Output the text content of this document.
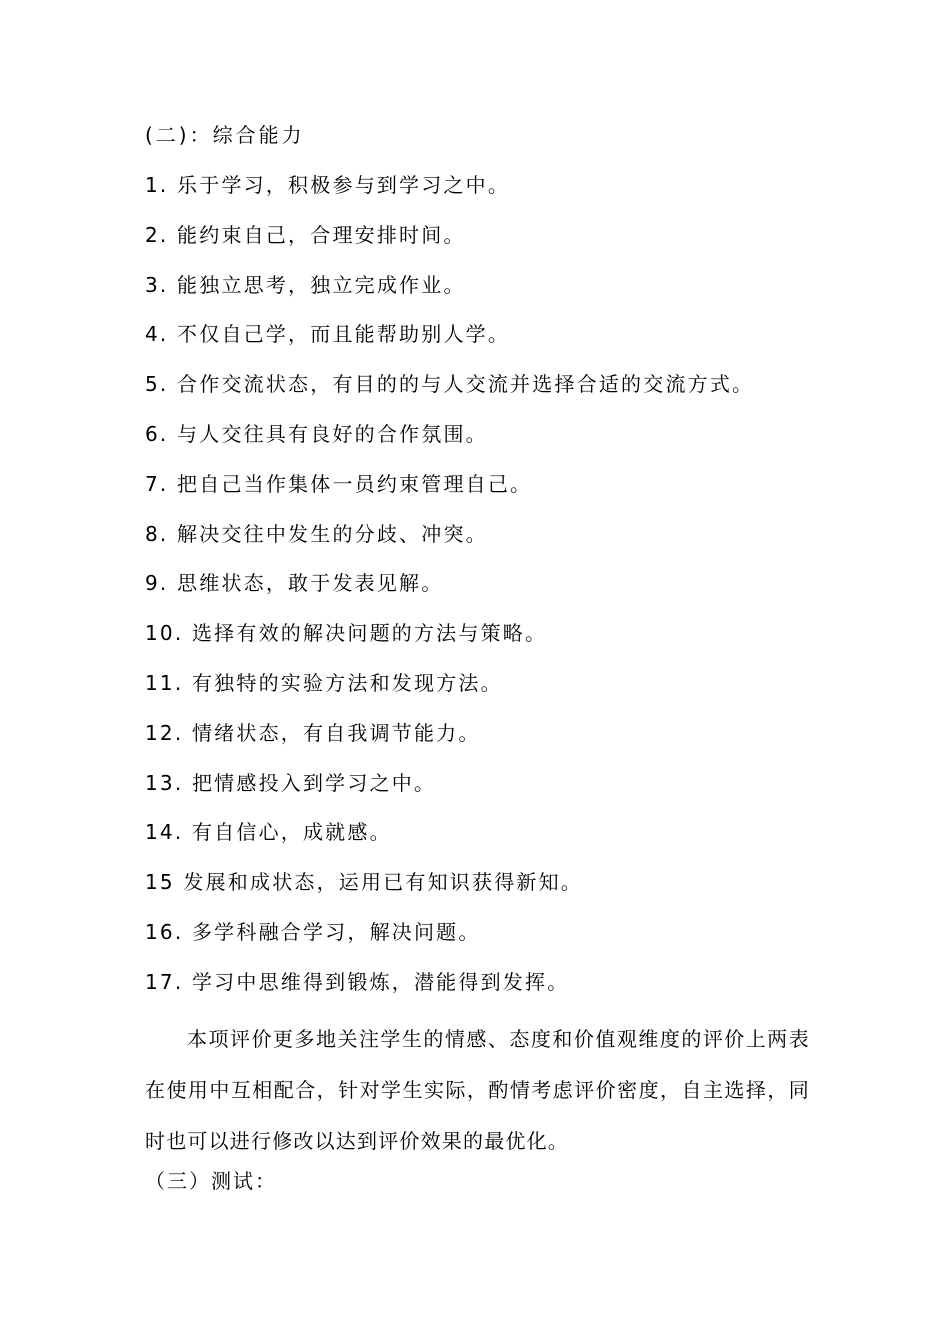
(二)：综合能力
1. 乐于学习，积极参与到学习之中。
2. 能约束自己，合理安排时间。
3. 能独立思考，独立完成作业。
4. 不仅自己学，而且能帮助别人学。
5. 合作交流状态，有目的的与人交流并选择合适的交流方式。
6. 与人交往具有良好的合作氛围。
7. 把自己当作集体一员约束管理自己。
8. 解决交往中发生的分歧、冲突。
9. 思维状态，敢于发表见解。
10. 选择有效的解决问题的方法与策略。
11. 有独特的实验方法和发现方法。
12. 情绪状态，有自我调节能力。
13. 把情感投入到学习之中。
14. 有自信心，成就感。
15 发展和成状态，运用已有知识获得新知。
16. 多学科融合学习，解决问题。
17. 学习中思维得到锻炼，潜能得到发挥。

本项评价更多地关注学生的情感、态度和价值观维度的评价上两表在使用中互相配合，针对学生实际，酌情考虑评价密度，自主选择，同时也可以进行修改以达到评价效果的最优化。

（三）测试：
